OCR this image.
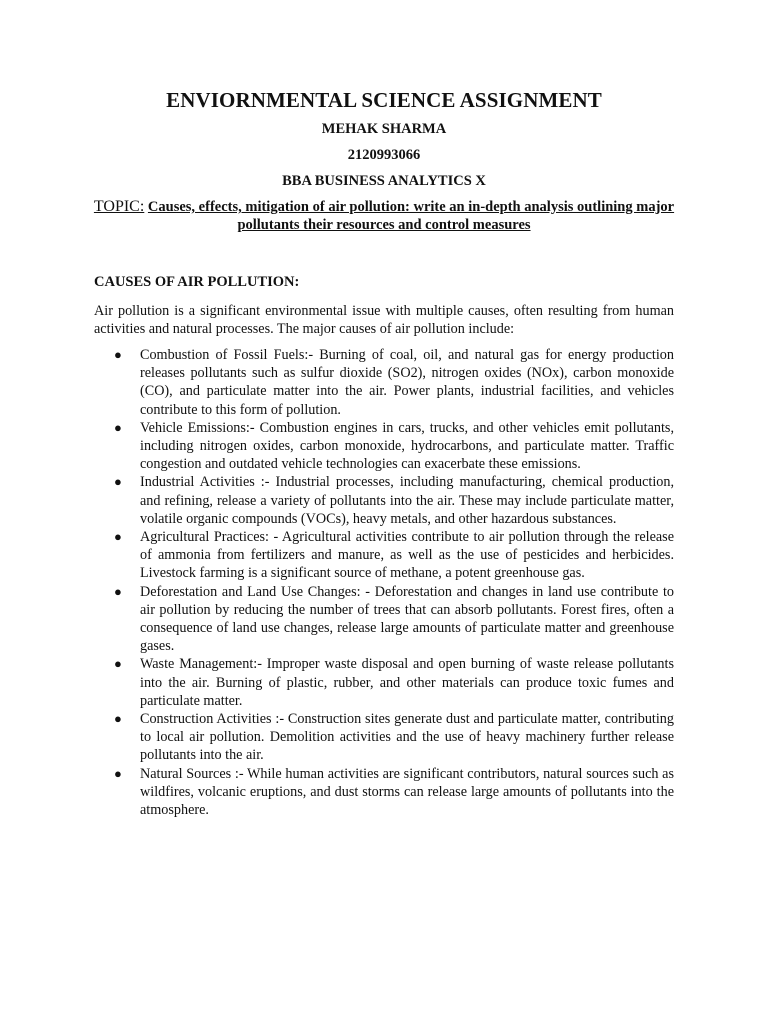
ENVIORNMENTAL SCIENCE ASSIGNMENT
MEHAK SHARMA
2120993066
BBA BUSINESS ANALYTICS X
TOPIC: Causes, effects, mitigation of air pollution: write an in-depth analysis outlining major pollutants their resources and control measures
CAUSES OF AIR POLLUTION:

Air pollution is a significant environmental issue with multiple causes, often resulting from human activities and natural processes. The major causes of air pollution include:

● Combustion of Fossil Fuels:- Burning of coal, oil, and natural gas for energy production releases pollutants such as sulfur dioxide (SO2), nitrogen oxides (NOx), carbon monoxide (CO), and particulate matter into the air. Power plants, industrial facilities, and vehicles contribute to this form of pollution.
● Vehicle Emissions:- Combustion engines in cars, trucks, and other vehicles emit pollutants, including nitrogen oxides, carbon monoxide, hydrocarbons, and particulate matter. Traffic congestion and outdated vehicle technologies can exacerbate these emissions.
● Industrial Activities :- Industrial processes, including manufacturing, chemical production, and refining, release a variety of pollutants into the air. These may include particulate matter, volatile organic compounds (VOCs), heavy metals, and other hazardous substances.
● Agricultural Practices: - Agricultural activities contribute to air pollution through the release of ammonia from fertilizers and manure, as well as the use of pesticides and herbicides. Livestock farming is a significant source of methane, a potent greenhouse gas.
● Deforestation and Land Use Changes: - Deforestation and changes in land use contribute to air pollution by reducing the number of trees that can absorb pollutants. Forest fires, often a consequence of land use changes, release large amounts of particulate matter and greenhouse gases.
● Waste Management:- Improper waste disposal and open burning of waste release pollutants into the air. Burning of plastic, rubber, and other materials can produce toxic fumes and particulate matter.
● Construction Activities :- Construction sites generate dust and particulate matter, contributing to local air pollution. Demolition activities and the use of heavy machinery further release pollutants into the air.
● Natural Sources :- While human activities are significant contributors, natural sources such as wildfires, volcanic eruptions, and dust storms can release large amounts of pollutants into the atmosphere.
